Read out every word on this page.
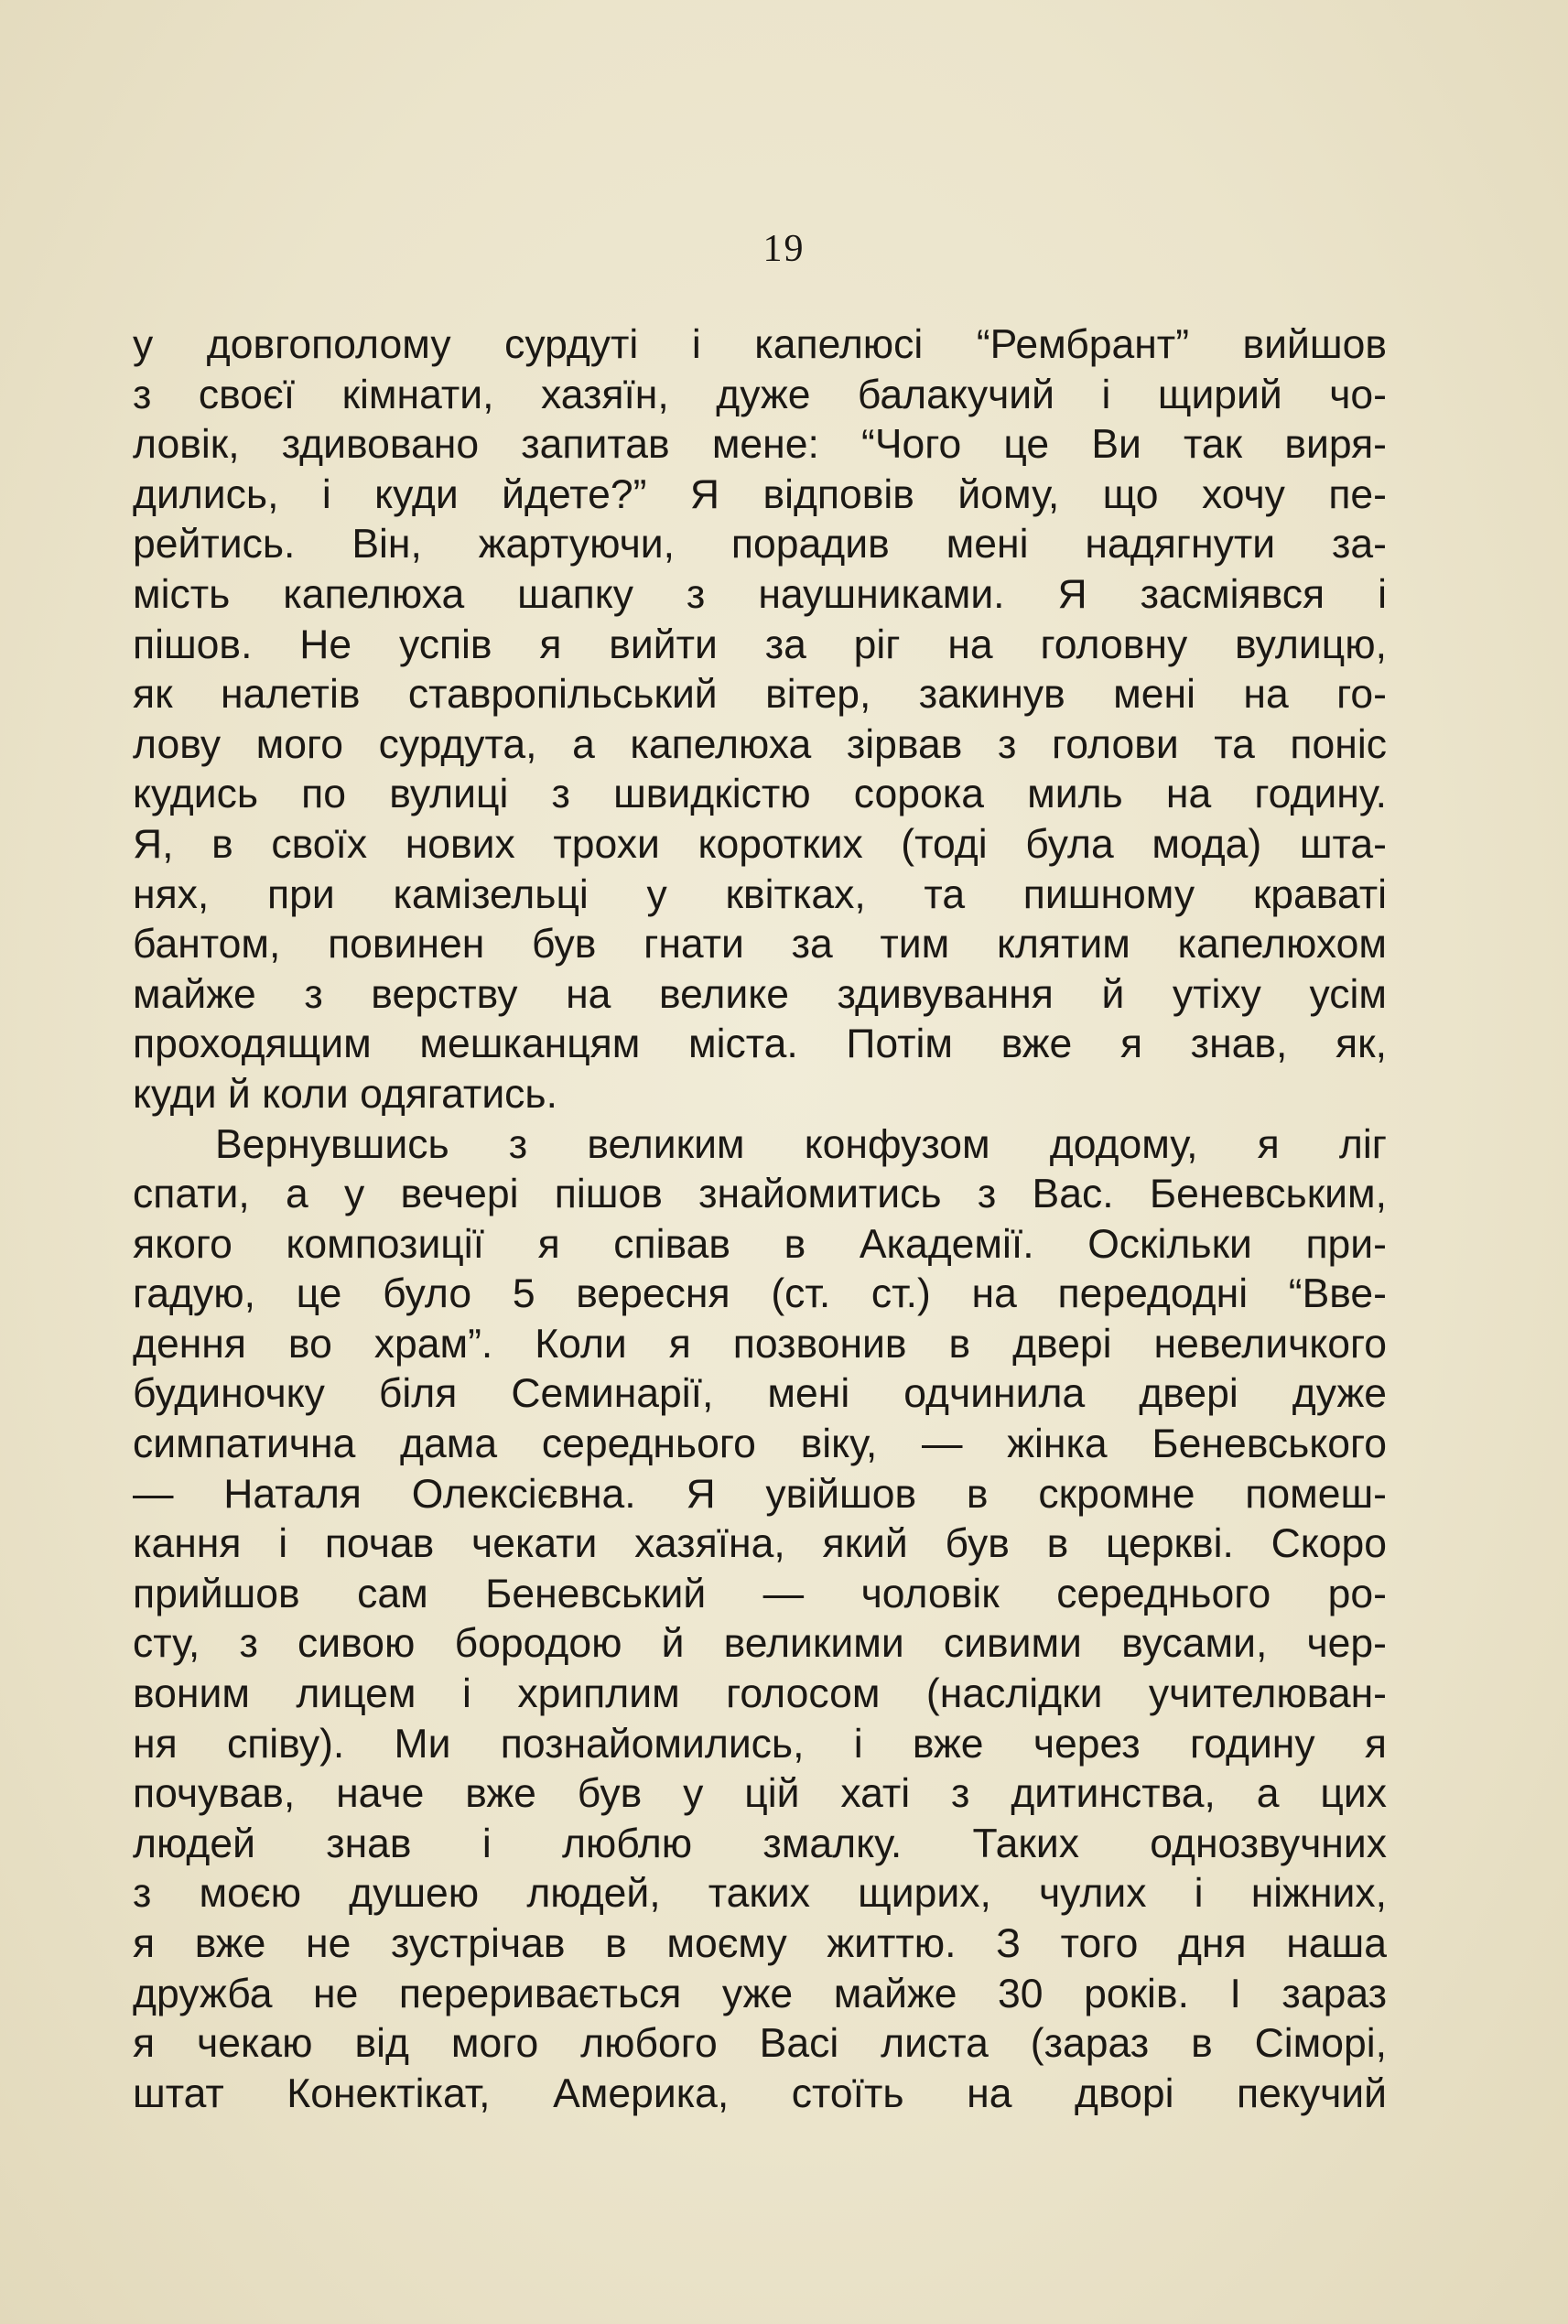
19
у довгополому сурдуті і капелюсі “Рембрант” вийшов
з своєї кімнати, хазяїн, дуже балакучий і щирий чо-
ловік, здивовано запитав мене: “Чого це Ви так виря-
дились, і куди йдете?” Я відповів йому, що хочу пе-
рейтись. Він, жартуючи, порадив мені надягнути за-
мість капелюха шапку з наушниками. Я засміявся і
пішов. Не успів я вийти за ріг на головну вулицю,
як налетів ставропільський вітер, закинув мені на го-
лову мого сурдута, а капелюха зірвав з голови та поніс
кудись по вулиці з швидкістю сорока миль на годину.
Я, в своїх нових трохи коротких (тоді була мода) шта-
нях, при камізельці у квітках, та пишному краваті
бантом, повинен був гнати за тим клятим капелюхом
майже з верству на велике здивування й утіху усім
проходящим мешканцям міста. Потім вже я знав, як,
куди й коли одягатись.
Вернувшись з великим конфузом додому, я ліг
спати, а у вечері пішов знайомитись з Вас. Беневським,
якого композиції я співав в Академії. Оскільки при-
гадую, це було 5 вересня (ст. ст.) на передодні “Вве-
дення во храм”. Коли я позвонив в двері невеличкого
будиночку біля Семинарії, мені одчинила двері дуже
симпатична дама середнього віку, — жінка Беневського
— Наталя Олексієвна. Я увійшов в скромне помеш-
кання і почав чекати хазяїна, який був в церкві. Скоро
прийшов сам Беневський — чоловік середнього ро-
сту, з сивою бородою й великими сивими вусами, чер-
воним лицем і хриплим голосом (наслідки учителюван-
ня співу). Ми познайомились, і вже через годину я
почував, наче вже був у цій хаті з дитинства, а цих
людей знав і люблю змалку. Таких однозвучних
з моєю душею людей, таких щирих, чулих і ніжних,
я вже не зустрічав в моєму життю. З того дня наша
дружба не переривається уже майже 30 років. І зараз
я чекаю від мого любого Васі листа (зараз в Сіморі,
штат Конектікат, Америка, стоїть на дворі пекучий
